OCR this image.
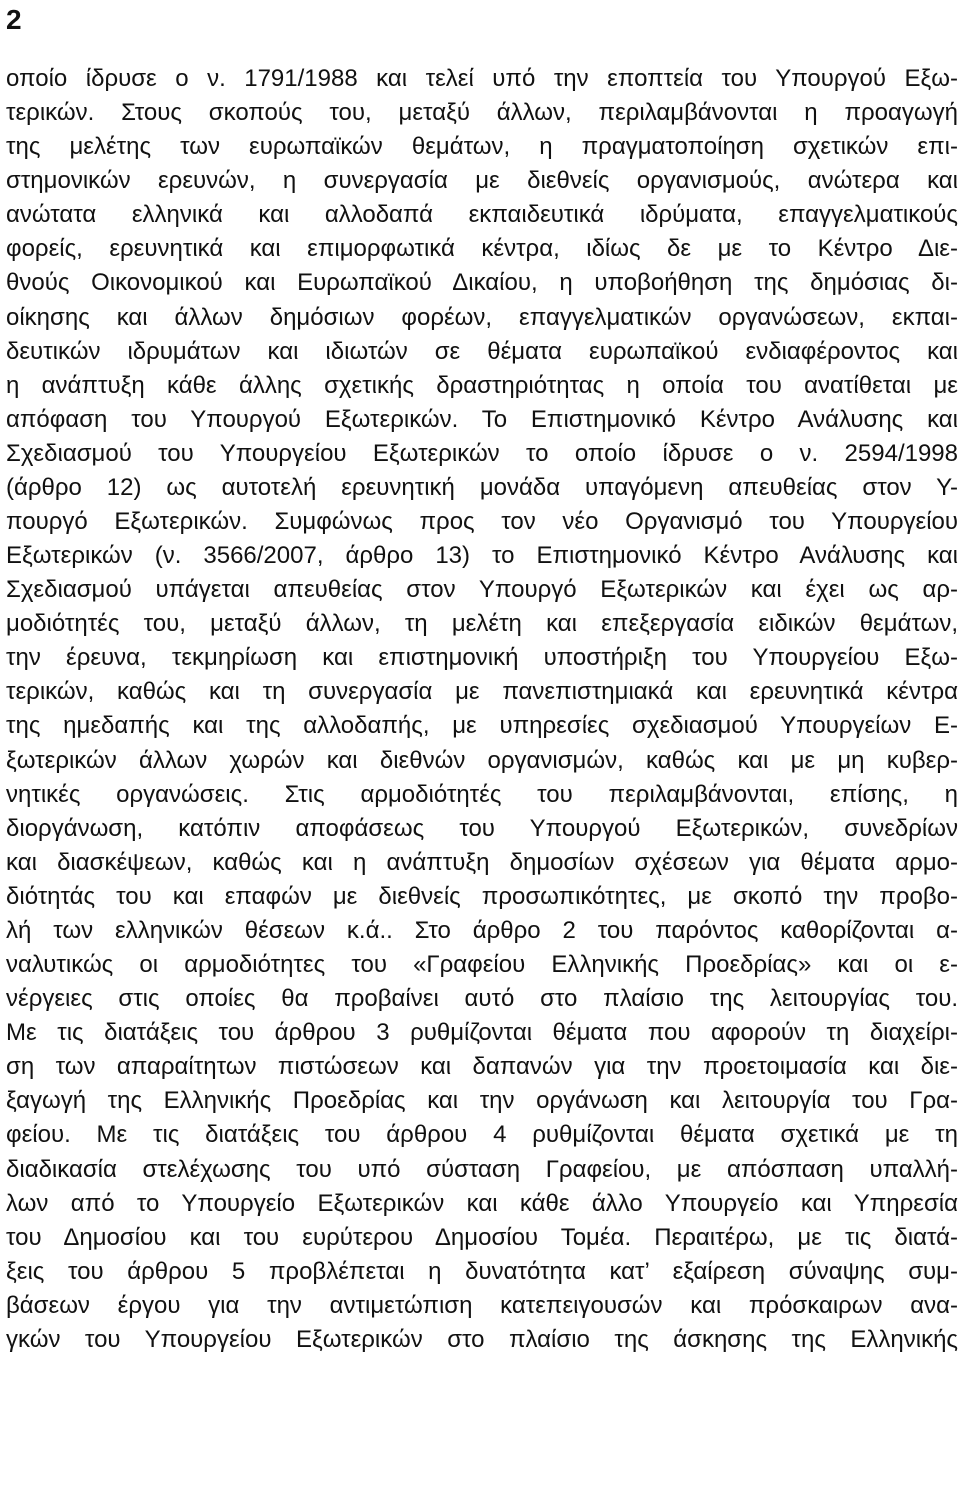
2
οποίο ίδρυσε ο ν. 1791/1988 και τελεί υπό την εποπτεία του Υπουργού Εξω-
τερικών. Στους σκοπούς του, μεταξύ άλλων, περιλαμβάνονται η προαγωγή
της μελέτης των ευρωπαϊκών θεμάτων, η πραγματοποίηση σχετικών επι-
στημονικών ερευνών, η συνεργασία με διεθνείς οργανισμούς, ανώτερα και
ανώτατα ελληνικά και αλλοδαπά εκπαιδευτικά ιδρύματα, επαγγελματικούς
φορείς, ερευνητικά και επιμορφωτικά κέντρα, ιδίως δε με το Κέντρο Διε-
θνούς Οικονομικού και Ευρωπαϊκού Δικαίου, η υποβοήθηση της δημόσιας δι-
οίκησης και άλλων δημόσιων φορέων, επαγγελματικών οργανώσεων, εκπαι-
δευτικών ιδρυμάτων και ιδιωτών σε θέματα ευρωπαϊκού ενδιαφέροντος και
η ανάπτυξη κάθε άλλης σχετικής δραστηριότητας η οποία του ανατίθεται με
απόφαση του Υπουργού Εξωτερικών. Το Επιστημονικό Κέντρο Ανάλυσης και
Σχεδιασμού του Υπουργείου Εξωτερικών το οποίο ίδρυσε ο ν. 2594/1998
(άρθρο 12) ως αυτοτελή ερευνητική μονάδα υπαγόμενη απευθείας στον Υ-
πουργό Εξωτερικών. Συμφώνως προς τον νέο Οργανισμό του Υπουργείου
Εξωτερικών (ν. 3566/2007, άρθρο 13) το Επιστημονικό Κέντρο Ανάλυσης και
Σχεδιασμού υπάγεται απευθείας στον Υπουργό Εξωτερικών και έχει ως αρ-
μοδιότητές του, μεταξύ άλλων, τη μελέτη και επεξεργασία ειδικών θεμάτων,
την έρευνα, τεκμηρίωση και επιστημονική υποστήριξη του Υπουργείου Εξω-
τερικών, καθώς και τη συνεργασία με πανεπιστημιακά και ερευνητικά κέντρα
της ημεδαπής και της αλλοδαπής, με υπηρεσίες σχεδιασμού Υπουργείων Ε-
ξωτερικών άλλων χωρών και διεθνών οργανισμών, καθώς και με μη κυβερ-
νητικές οργανώσεις. Στις αρμοδιότητές του περιλαμβάνονται, επίσης, η
διοργάνωση, κατόπιν αποφάσεως του Υπουργού Εξωτερικών, συνεδρίων
και διασκέψεων, καθώς και η ανάπτυξη δημοσίων σχέσεων για θέματα αρμο-
διότητάς του και επαφών με διεθνείς προσωπικότητες, με σκοπό την προβο-
λή των ελληνικών θέσεων κ.ά.. Στο άρθρο 2 του παρόντος καθορίζονται α-
ναλυτικώς οι αρμοδιότητες του «Γραφείου Ελληνικής Προεδρίας» και οι ε-
νέργειες στις οποίες θα προβαίνει αυτό στο πλαίσιο της λειτουργίας του.
Με τις διατάξεις του άρθρου 3 ρυθμίζονται θέματα που αφορούν τη διαχείρι-
ση των απαραίτητων πιστώσεων και δαπανών για την προετοιμασία και διε-
ξαγωγή της Ελληνικής Προεδρίας και την οργάνωση και λειτουργία του Γρα-
φείου. Με τις διατάξεις του άρθρου 4 ρυθμίζονται θέματα σχετικά με τη
διαδικασία στελέχωσης του υπό σύσταση Γραφείου, με απόσπαση υπαλλή-
λων από το Υπουργείο Εξωτερικών και κάθε άλλο Υπουργείο και Υπηρεσία
του Δημοσίου και του ευρύτερου Δημοσίου Τομέα. Περαιτέρω, με τις διατά-
ξεις του άρθρου 5 προβλέπεται η δυνατότητα κατ’ εξαίρεση σύναψης συμ-
βάσεων έργου για την αντιμετώπιση κατεπειγουσών και πρόσκαιρων ανα-
γκών του Υπουργείου Εξωτερικών στο πλαίσιο της άσκησης της Ελληνικής
